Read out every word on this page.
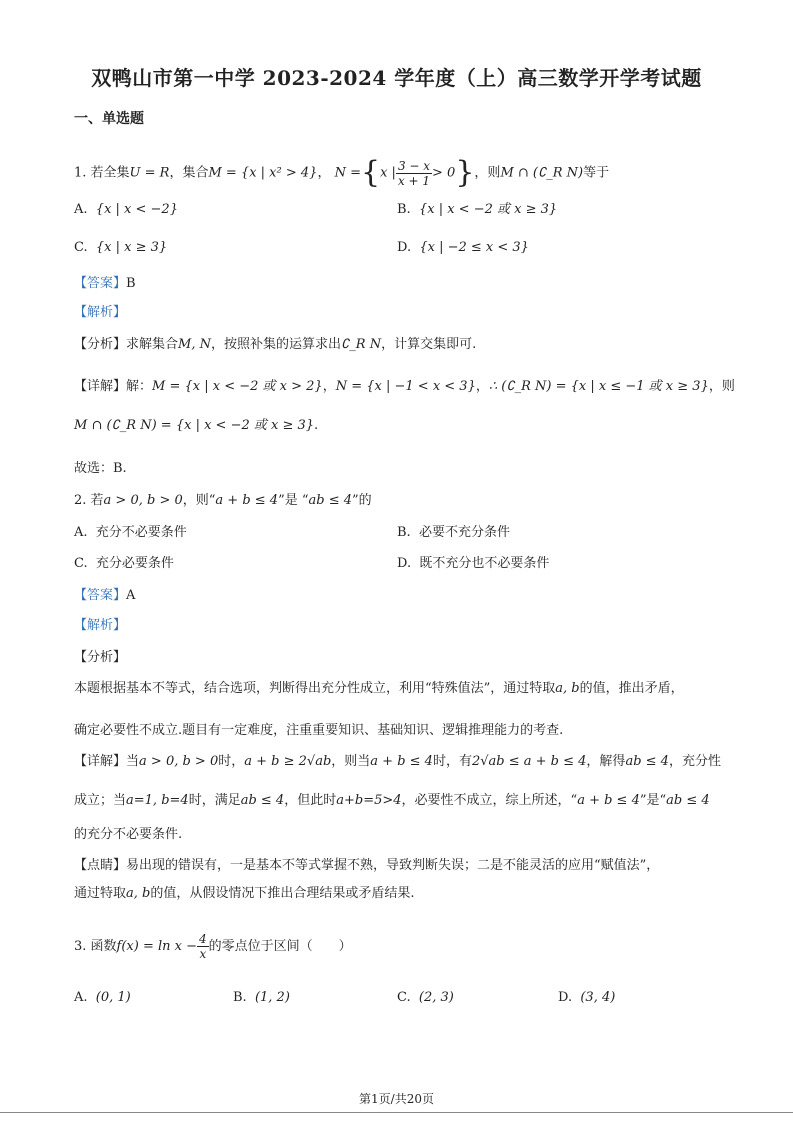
双鸭山市第一中学 2023-2024 学年度（上）高三数学开学考试题
一、单选题
1. 若全集U = R，集合M = {x | x² > 4}， N ={x | $\frac{3 - x}{x + 1} > 0$}，则M ∩ (∁_R N)等于
A. {x | x < −2}	B. {x | x < −2 或 x ≥ 3}
C. {x | x ≥ 3}	D. {x | −2 ≤ x < 3}
【答案】B
【解析】
【分析】求解集合M, N，按照补集的运算求出∁_R N，计算交集即可.
【详解】解：M = {x | x < −2 或 x > 2}，N = {x | −1 < x < 3}，∴ (∁_R N) = {x | x ≤ −1 或 x ≥ 3}，则
M ∩ (∁_R N) = {x | x < −2 或 x ≥ 3}.
故选：B.
2. 若a > 0, b > 0，则“a + b ≤ 4”是 “ab ≤ 4”的
A. 充分不必要条件	B. 必要不充分条件
C. 充分必要条件	D. 既不充分也不必要条件
【答案】A
【解析】
【分析】
本题根据基本不等式，结合选项，判断得出充分性成立，利用“特殊值法”，通过特取a, b的值，推出矛盾，
确定必要性不成立.题目有一定难度，注重重要知识、基础知识、逻辑推理能力的考查.
【详解】当a > 0, b > 0时，a + b ≥ 2√ab，则当a + b ≤ 4时，有2√ab ≤ a + b ≤ 4，解得ab ≤ 4，充分性
成立；当a=1, b=4时，满足ab ≤ 4，但此时a+b=5>4，必要性不成立，综上所述，“a + b ≤ 4”是“ab ≤ 4
的充分不必要条件.
【点睛】易出现的错误有，一是基本不等式掌握不熟，导致判断失误；二是不能灵活的应用“赋值法”，
通过特取a, b的值，从假设情况下推出合理结果或矛盾结果.
3. 函数$f(x) = \ln x - \frac{4}{x}$ 的零点位于区间（　　）
A. (0, 1)	B. (1, 2)	C. (2, 3)	D. (3, 4)
第1页/共20页
